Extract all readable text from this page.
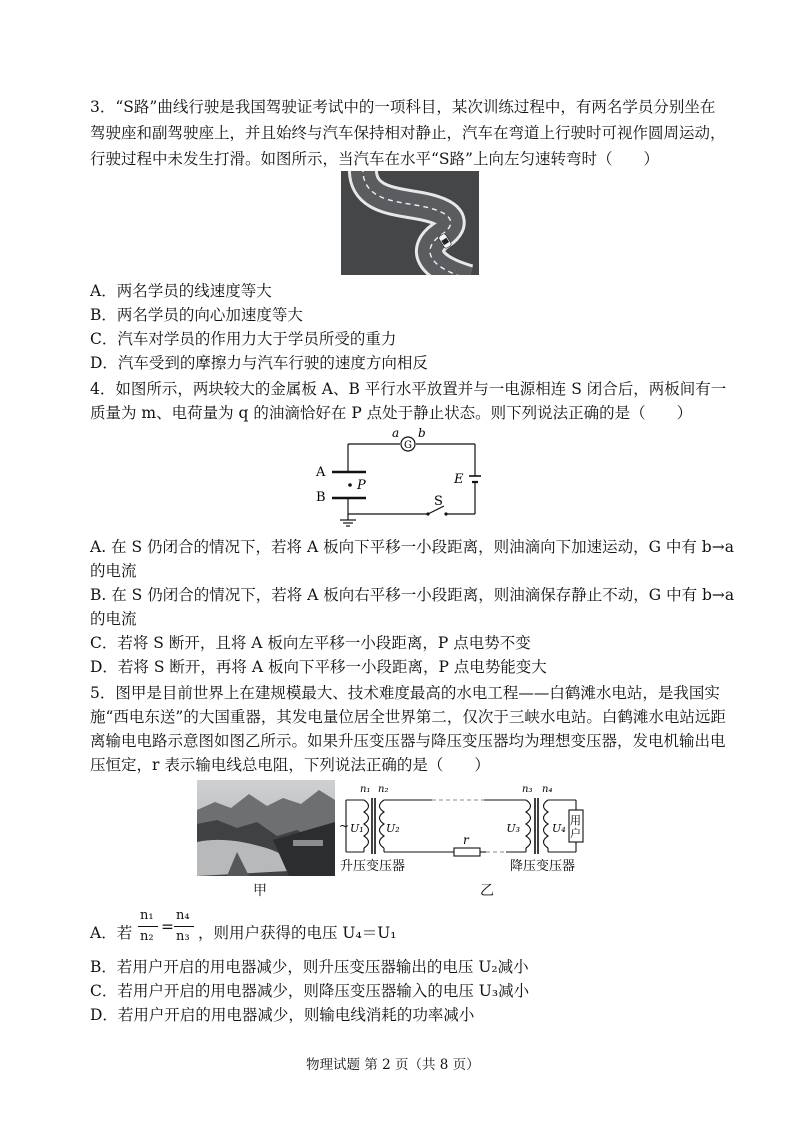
3．“S路”曲线行驶是我国驾驶证考试中的一项科目，某次训练过程中，有两名学员分别坐在
驾驶座和副驾驶座上，并且始终与汽车保持相对静止，汽车在弯道上行驶时可视作圆周运动，
行驶过程中未发生打滑。如图所示，当汽车在水平“S路”上向左匀速转弯时（　　）
A．两名学员的线速度等大
B．两名学员的向心加速度等大
C．汽车对学员的作用力大于学员所受的重力
D．汽车受到的摩擦力与汽车行驶的速度方向相反
4．如图所示，两块较大的金属板 A、B 平行水平放置并与一电源相连 S 闭合后，两板间有一
质量为 m、电荷量为 q 的油滴恰好在 P 点处于静止状态。则下列说法正确的是（　　）
G
a b
A
B
P	E
S
A. 在 S 仍闭合的情况下，若将 A 板向下平移一小段距离，则油滴向下加速运动，G 中有 b→a
的电流
B. 在 S 仍闭合的情况下，若将 A 板向右平移一小段距离，则油滴保存静止不动，G 中有 b→a
的电流
C．若将 S 断开，且将 A 板向左平移一小段距离，P 点电势不变
D．若将 S 断开，再将 A 板向下平移一小段距离，P 点电势能变大
5．图甲是目前世界上在建规模最大、技术难度最高的水电工程——白鹤滩水电站，是我国实
施“西电东送”的大国重器，其发电量位居全世界第二，仅次于三峡水电站。白鹤滩水电站远距
离输电电路示意图如图乙所示。如果升压变压器与降压变压器均为理想变压器，发电机输出电
压恒定，r 表示输电线总电阻，下列说法正确的是（　　）
甲
~ U₁ U₂	U₃	U₄
n₁ n₂	n₃ n₄
r
用
户
升压变压器	降压变压器
乙
A．若
n₁
n₂
=
n₄
n₃ ，则用户获得的电压 U₄＝U₁
B．若用户开启的用电器减少，则升压变压器输出的电压 U₂减小
C．若用户开启的用电器减少，则降压变压器输入的电压 U₃减小
D．若用户开启的用电器减少，则输电线消耗的功率减小
物理试题 第 2 页（共 8 页）
